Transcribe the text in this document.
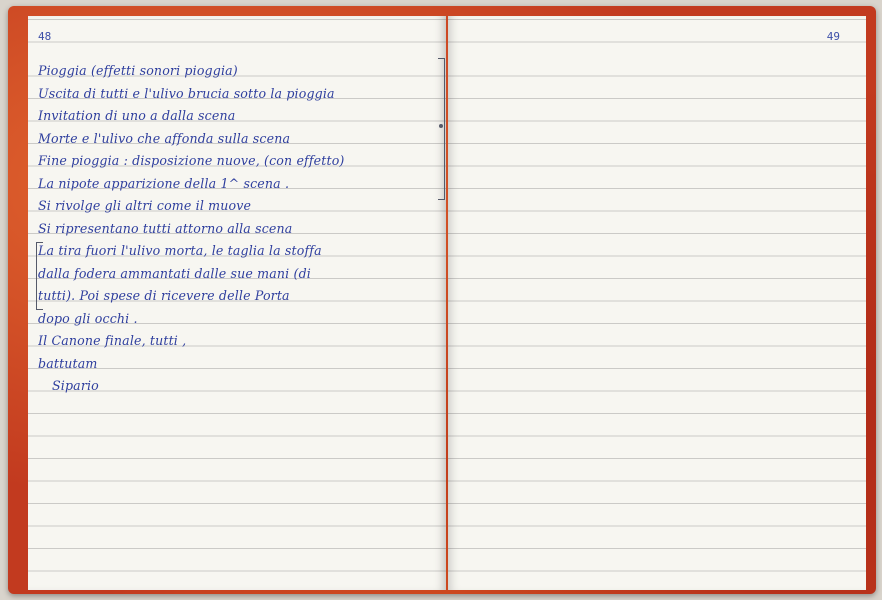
48
Pioggia (effetti sonori pioggia)
Uscita di tutti e l'ulivo brucia sotto la pioggia
Invitation di uno a dalla scena
Morte e l'ulivo che affonda sulla scena
Fine pioggia : disposizione nuove, (con effetto)
La nipote apparizione della 1^ scena .
Si rivolge gli altri come il muove
Si ripresentano tutti attorno alla scena
La tira fuori l'ulivo morta, le taglia la stoffa
dalla fodera ammantati dalle sue mani (di
tutti). Poi spese di ricevere delle Porta
dopo gli occhi .
Il Canone finale, tutti ,
battutam
Sipario
49
